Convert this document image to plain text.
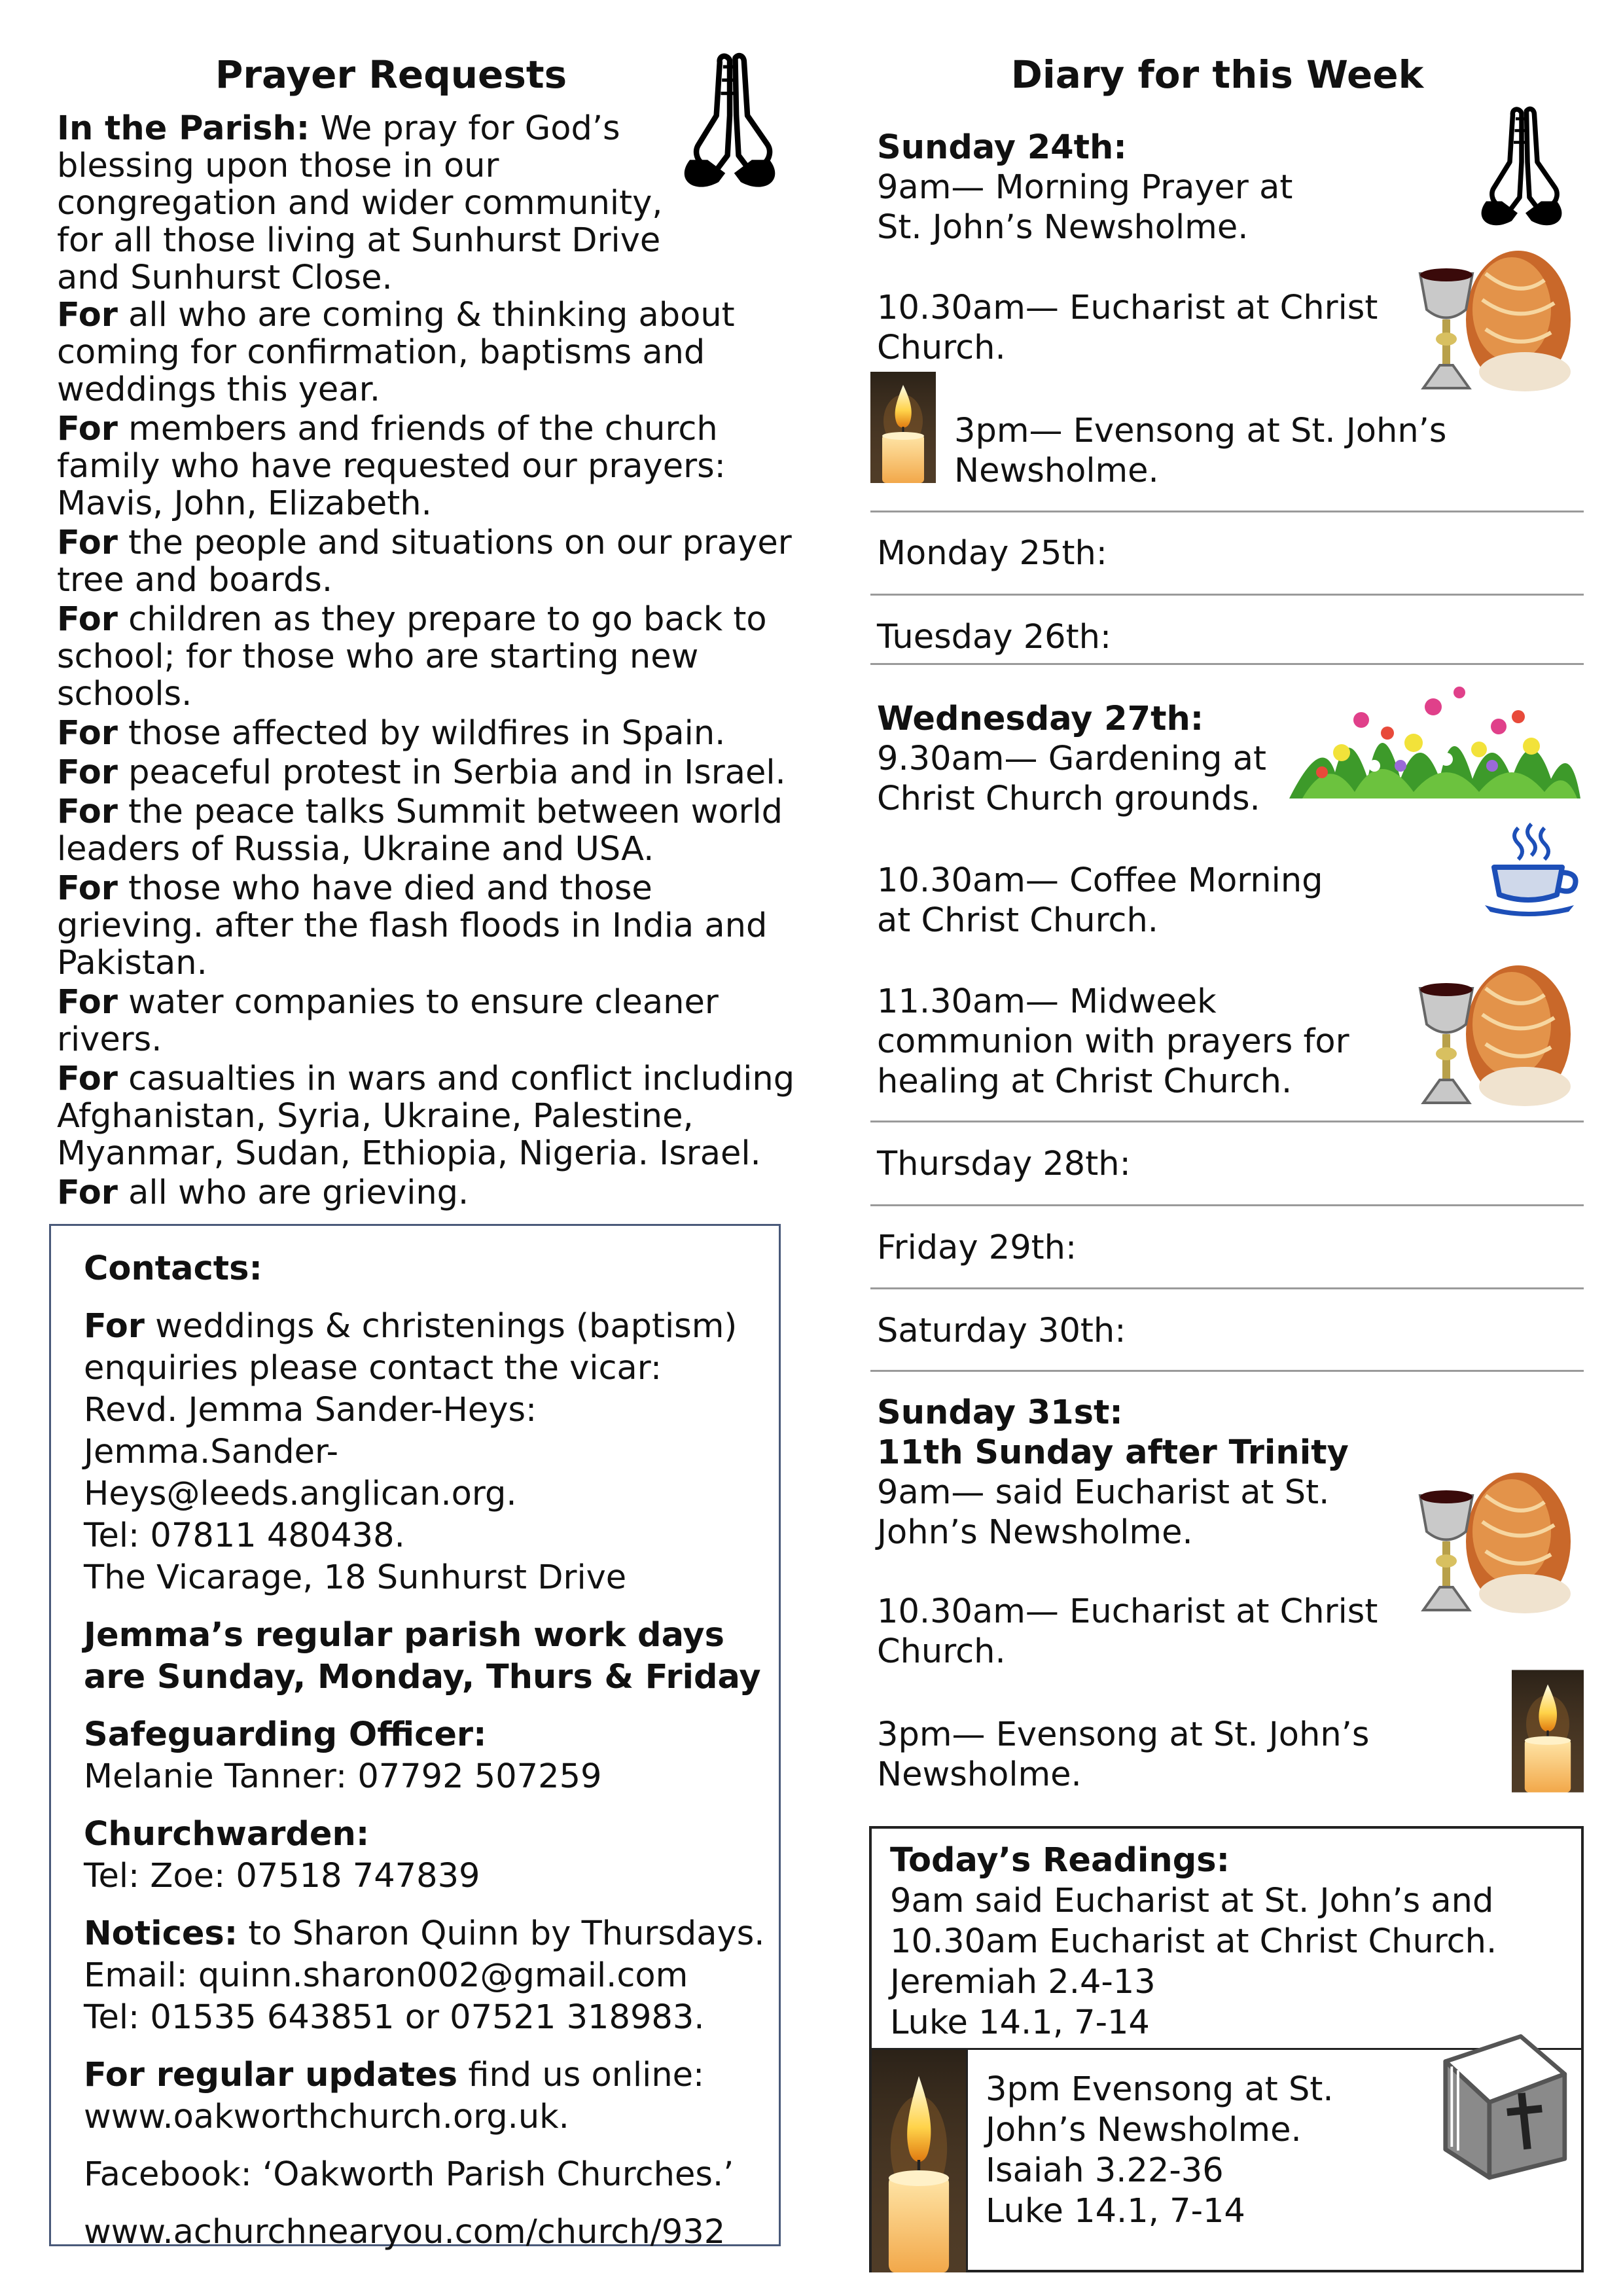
Prayer Requests
In the Parish: We pray for God’s blessing upon those in our congregation and wider community, for all those living at Sunhurst Drive and Sunhurst Close.

For all who are coming & thinking about coming for confirmation, baptisms and weddings this year.

For members and friends of the church family who have requested our prayers: Mavis, John, Elizabeth.

For the people and situations on our prayer tree and boards.

For children as they prepare to go back to school; for those who are starting new schools.

For those affected by wildfires in Spain.

For peaceful protest in Serbia and in Israel.

For the peace talks Summit between world leaders of Russia, Ukraine and USA.

For those who have died and those grieving. after the flash floods in India and Pakistan.

For water companies to ensure cleaner rivers.

For casualties in wars and conflict including Afghanistan, Syria, Ukraine, Palestine, Myanmar, Sudan, Ethiopia, Nigeria. Israel.

For all who are grieving.

Contacts:

For weddings & christenings (baptism) enquiries please contact the vicar:

Revd. Jemma Sander-Heys:

Jemma.Sander-Heys@leeds.anglican.org.

Tel: 07811 480438.

The Vicarage, 18 Sunhurst Drive

Jemma’s regular parish work days are Sunday, Monday, Thurs & Friday

Safeguarding Officer:

Melanie Tanner: 07792 507259

Churchwarden:

Tel: Zoe: 07518 747839

Notices: to Sharon Quinn by Thursdays.

Email: quinn.sharon002@gmail.com

Tel: 01535 643851 or 07521 318983.

For regular updates find us online:

www.oakworthchurch.org.uk.

Facebook: ‘Oakworth Parish Churches.’

www.achurchnearyou.com/church/932

Diary for this Week
Sunday 24th:
9am— Morning Prayer at St. John’s Newsholme.
10.30am— Eucharist at Christ Church.
3pm— Evensong at St. John’s Newsholme.
Monday 25th:
Tuesday 26th:
Wednesday 27th:
9.30am— Gardening at Christ Church grounds.
10.30am— Coffee Morning at Christ Church.
11.30am— Midweek communion with prayers for healing at Christ Church.
Thursday 28th:
Friday 29th:
Saturday 30th:
Sunday 31st:
11th Sunday after Trinity
9am— said Eucharist at St. John’s Newsholme.
10.30am— Eucharist at Christ Church.
3pm— Evensong at St. John’s Newsholme.

Today’s Readings:

9am said Eucharist at St. John’s and 10.30am Eucharist at Christ Church.

Jeremiah 2.4-13

Luke 14.1, 7-14

3pm Evensong at St. John’s Newsholme.

Isaiah 3.22-36

Luke 14.1, 7-14
